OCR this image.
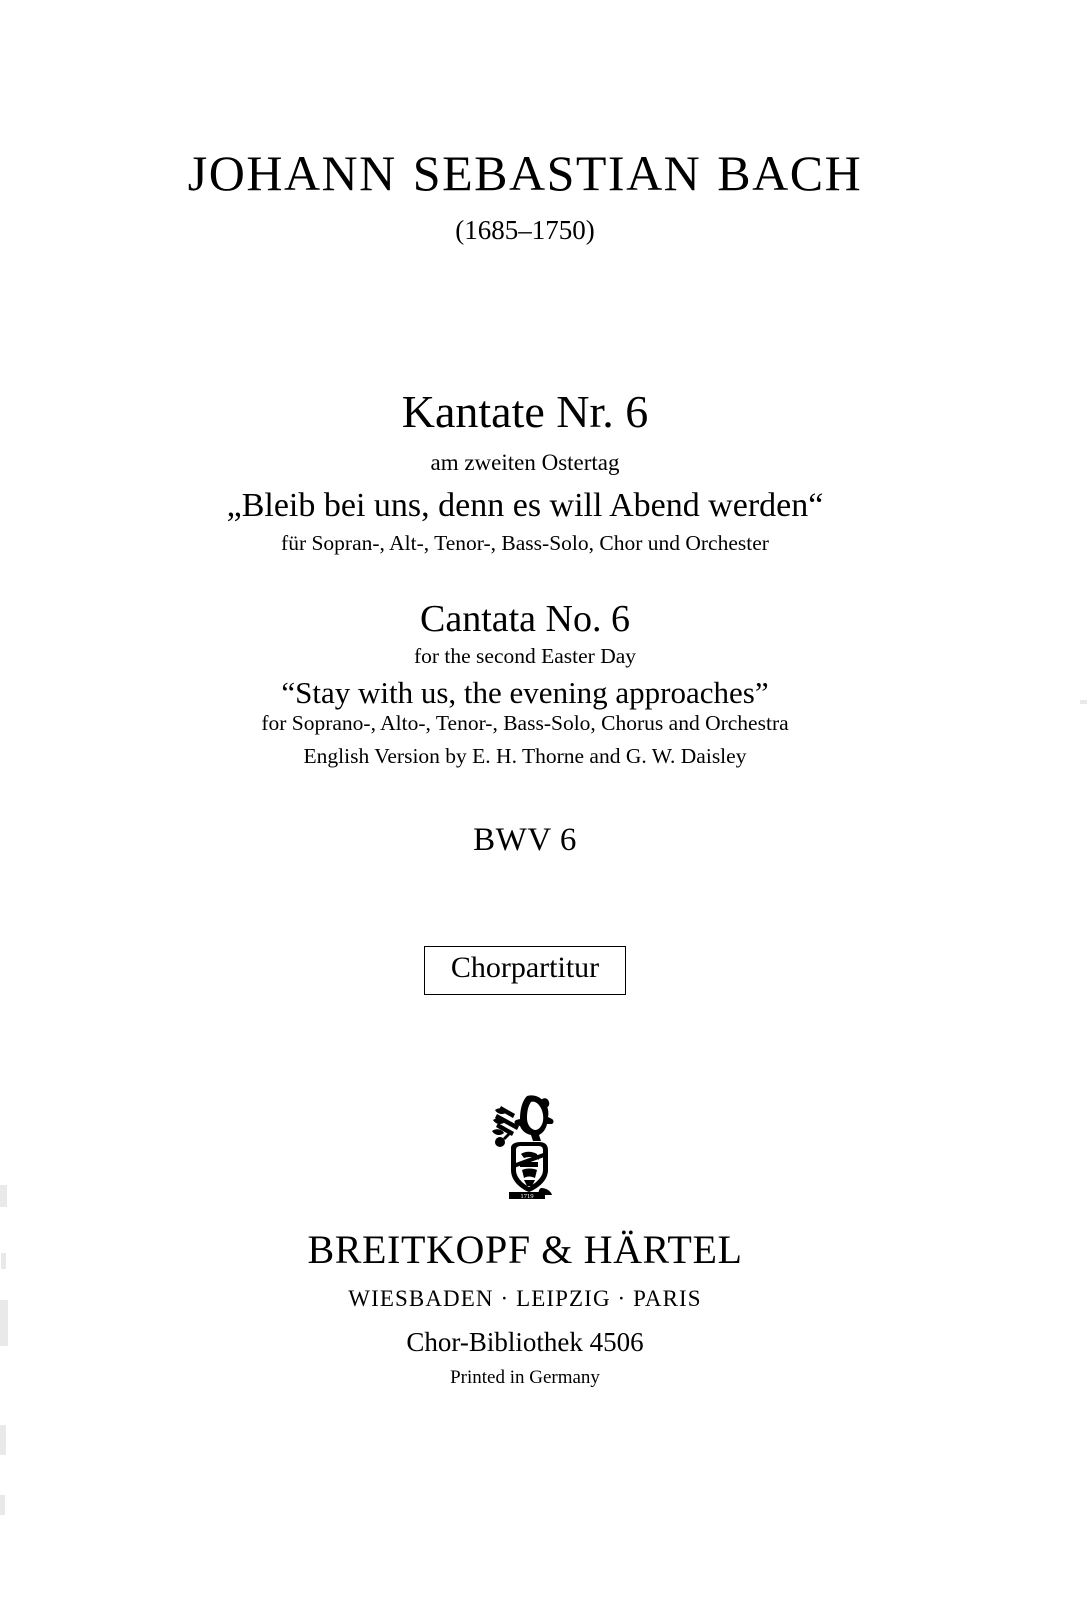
JOHANN SEBASTIAN BACH
(1685–1750)
Kantate Nr. 6
am zweiten Ostertag
„Bleib bei uns, denn es will Abend werden“
für Sopran-, Alt-, Tenor-, Bass-Solo, Chor und Orchester
Cantata No. 6
for the second Easter Day
“Stay with us, the evening approaches”
for Soprano-, Alto-, Tenor-, Bass-Solo, Chorus and Orchestra
English Version by E. H. Thorne and G. W. Daisley
BWV 6
Chorpartitur
1719
BREITKOPF & HÄRTEL
WIESBADEN · LEIPZIG · PARIS
Chor-Bibliothek 4506
Printed in Germany
